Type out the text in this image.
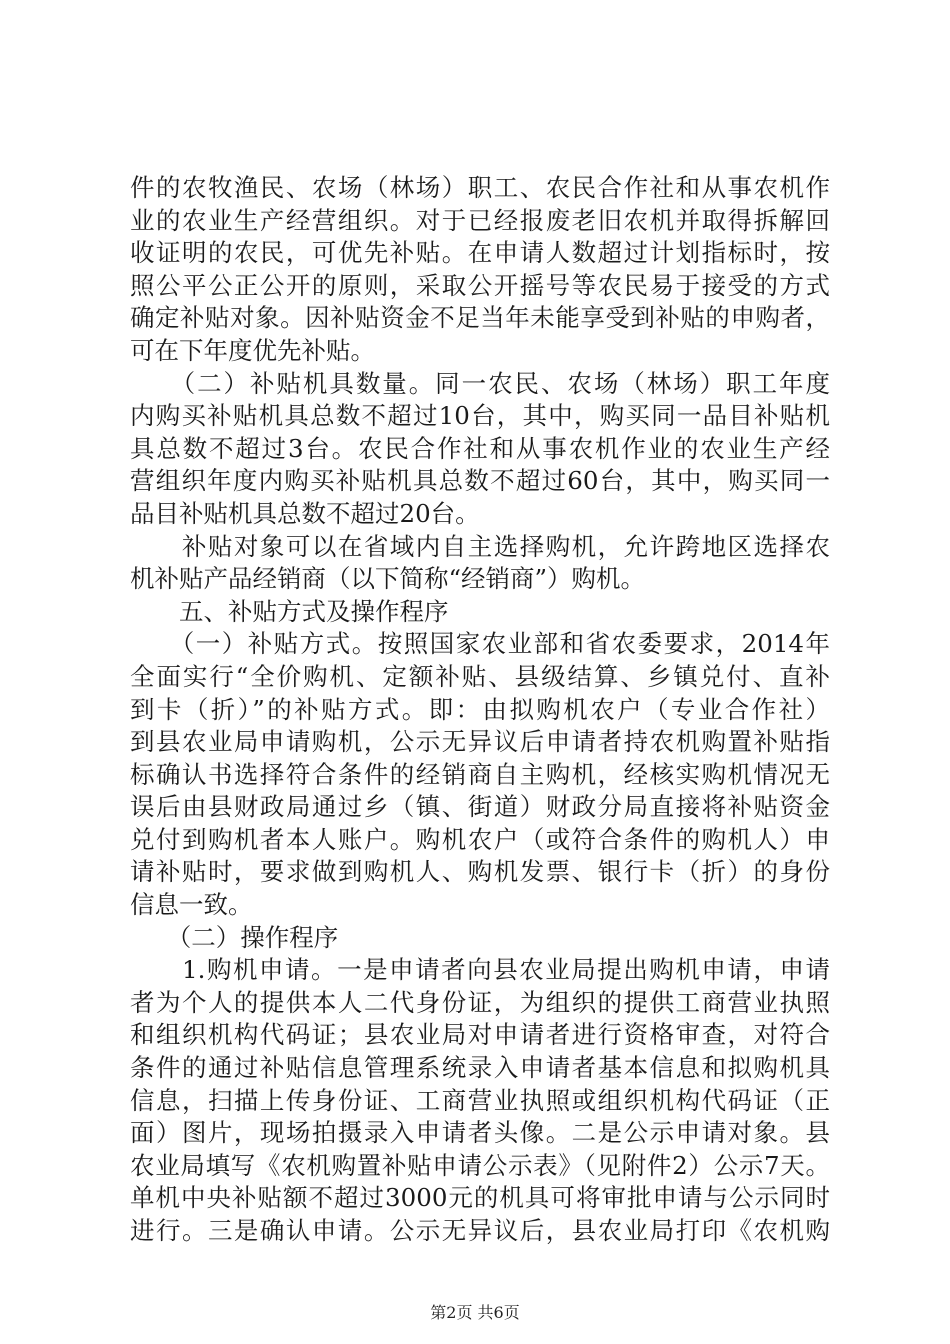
件的农牧渔民、农场（林场）职工、农民合作社和从事农机作
业的农业生产经营组织。对于已经报废老旧农机并取得拆解回
收证明的农民，可优先补贴。在申请人数超过计划指标时，按
照公平公正公开的原则，采取公开摇号等农民易于接受的方式
确定补贴对象。因补贴资金不足当年未能享受到补贴的申购者，
可在下年度优先补贴。
　　（二）补贴机具数量。同一农民、农场（林场）职工年度
内购买补贴机具总数不超过10台，其中，购买同一品目补贴机
具总数不超过3台。农民合作社和从事农机作业的农业生产经
营组织年度内购买补贴机具总数不超过60台，其中，购买同一
品目补贴机具总数不超过20台。
　　补贴对象可以在省域内自主选择购机，允许跨地区选择农
机补贴产品经销商（以下简称“经销商”）购机。
　　五、补贴方式及操作程序
　　（一）补贴方式。按照国家农业部和省农委要求，2014年
全面实行“全价购机、定额补贴、县级结算、乡镇兑付、直补
到卡（折）”的补贴方式。即：由拟购机农户（专业合作社）
到县农业局申请购机，公示无异议后申请者持农机购置补贴指
标确认书选择符合条件的经销商自主购机，经核实购机情况无
误后由县财政局通过乡（镇、街道）财政分局直接将补贴资金
兑付到购机者本人账户。购机农户（或符合条件的购机人）申
请补贴时，要求做到购机人、购机发票、银行卡（折）的身份
信息一致。
　　（二）操作程序
　　1.购机申请。一是申请者向县农业局提出购机申请，申请
者为个人的提供本人二代身份证，为组织的提供工商营业执照
和组织机构代码证；县农业局对申请者进行资格审查，对符合
条件的通过补贴信息管理系统录入申请者基本信息和拟购机具
信息，扫描上传身份证、工商营业执照或组织机构代码证（正
面）图片，现场拍摄录入申请者头像。二是公示申请对象。县
农业局填写《农机购置补贴申请公示表》（见附件2）公示7天。
单机中央补贴额不超过3000元的机具可将审批申请与公示同时
进行。三是确认申请。公示无异议后，县农业局打印《农机购
第2页 共6页
